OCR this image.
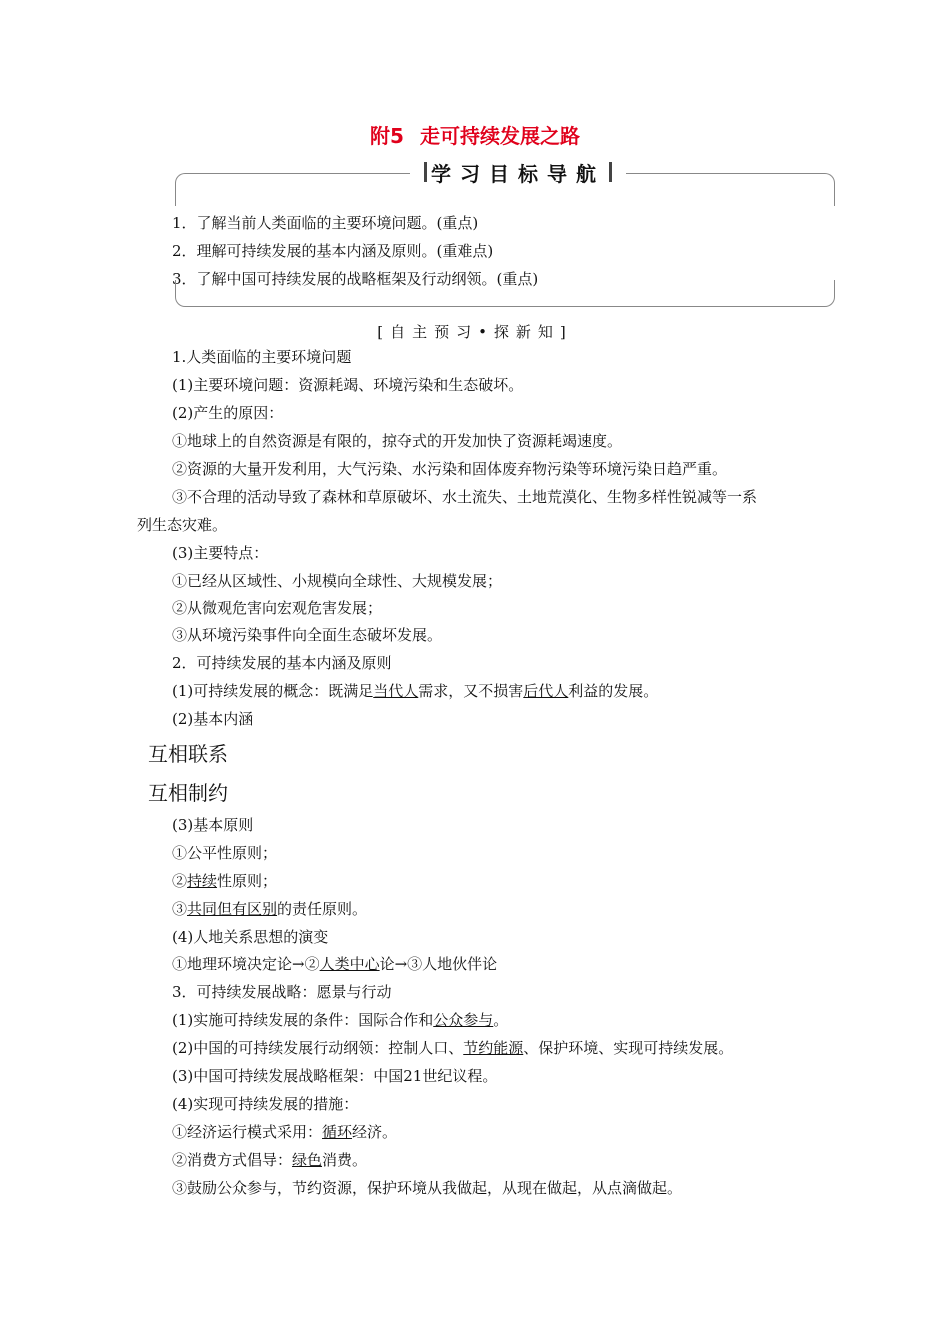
附5 走可持续发展之路
学习目标导航
1．了解当前人类面临的主要环境问题。(重点)
2．理解可持续发展的基本内涵及原则。(重难点)
3．了解中国可持续发展的战略框架及行动纲领。(重点)
[自主预习•探新知]
1.人类面临的主要环境问题
(1)主要环境问题：资源耗竭、环境污染和生态破坏。
(2)产生的原因：
①地球上的自然资源是有限的，掠夺式的开发加快了资源耗竭速度。
②资源的大量开发利用，大气污染、水污染和固体废弃物污染等环境污染日趋严重。
③不合理的活动导致了森林和草原破坏、水土流失、土地荒漠化、生物多样性锐减等一系
列生态灾难。
(3)主要特点：
①已经从区域性、小规模向全球性、大规模发展；
②从微观危害向宏观危害发展；
③从环境污染事件向全面生态破坏发展。
2．可持续发展的基本内涵及原则
(1)可持续发展的概念：既满足当代人需求，又不损害后代人利益的发展。
(2)基本内涵
互相联系
互相制约
(3)基本原则
①公平性原则；
②持续性原则；
③共同但有区别的责任原则。
(4)人地关系思想的演变
①地理环境决定论→②人类中心论→③人地伙伴论
3．可持续发展战略：愿景与行动
(1)实施可持续发展的条件：国际合作和公众参与。
(2)中国的可持续发展行动纲领：控制人口、节约能源、保护环境、实现可持续发展。
(3)中国可持续发展战略框架：中国21世纪议程。
(4)实现可持续发展的措施：
①经济运行模式采用：循环经济。
②消费方式倡导：绿色消费。
③鼓励公众参与，节约资源，保护环境从我做起，从现在做起，从点滴做起。
